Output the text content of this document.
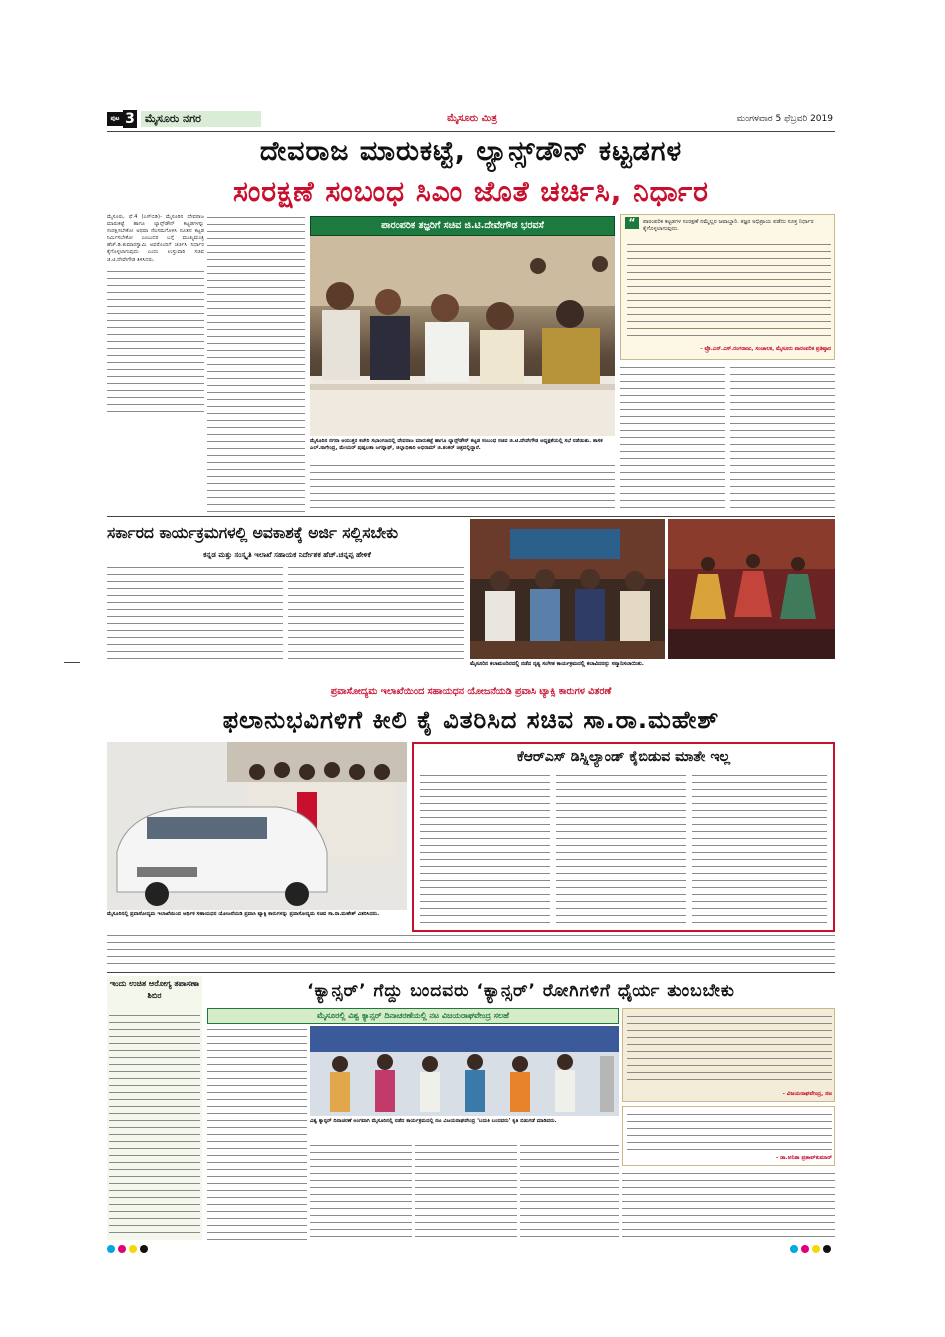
ಪುಟ 3 ಮೈಸೂರು ನಗರ	ಮೈಸೂರು ಮಿತ್ರ	ಮಂಗಳವಾರ 5 ಫೆಬ್ರವರಿ 2019
ದೇವರಾಜ ಮಾರುಕಟ್ಟೆ, ಲ್ಯಾನ್ಸ್‌ಡೌನ್ ಕಟ್ಟಡಗಳ
ಸಂರಕ್ಷಣೆ ಸಂಬಂಧ ಸಿಎಂ ಜೊತೆ ಚರ್ಚಿಸಿ, ನಿರ್ಧಾರ
ಮೈಸೂರು, ಫೆ.4 (ಎಸ್‌ಬಿಡಿ)- ಮೈಸೂರಿನ ದೇವರಾಜ ಮಾರುಕಟ್ಟೆ ಹಾಗೂ ಲ್ಯಾನ್ಸ್‌ಡೌನ್ ಕಟ್ಟಡಗಳನ್ನು ಸಂರಕ್ಷಿಸಬೇಕೋ ಅಥವಾ ನೆಲಸಮಗೊಳಿಸಿ ನೂತನ ಕಟ್ಟಡ ನಿರ್ಮಿಸಬೇಕೋ ಎಂಬುದರ ಬಗ್ಗೆ ಮುಖ್ಯಮಂತ್ರಿ ಹೆಚ್.ಡಿ.ಕುಮಾರಸ್ವಾಮಿ ಅವರೊಂದಿಗೆ ಚರ್ಚಿಸಿ ನಿರ್ಧಾರ ಕೈಗೊಳ್ಳಲಾಗುವುದು ಎಂದು ಉಸ್ತುವಾರಿ ಸಚಿವ ಜಿ.ಟಿ.ದೇವೇಗೌಡ ತಿಳಿಸಿದರು.
ಪಾರಂಪರಿಕ ತಜ್ಞರಿಗೆ ಸಚಿವ ಜಿ.ಟಿ.ದೇವೇಗೌಡ ಭರವಸೆ
ಮೈಸೂರಿನ ನಗರಾ ಆಯುಕ್ತರ ಕಚೇರಿ ಸಭಾಂಗಣದಲ್ಲಿ ದೇವರಾಜ ಮಾರುಕಟ್ಟೆ ಹಾಗೂ ಲ್ಯಾನ್ಸ್‌ಡೌನ್ ಕಟ್ಟಡ ಸಂಬಂಧ ಸಚಿವ ಜಿ.ಟಿ.ದೇವೇಗೌಡ ಅಧ್ಯಕ್ಷತೆಯಲ್ಲಿ ಸಭೆ ನಡೆಯಿತು. ಶಾಸಕ ಎಲ್.ನಾಗೇಂದ್ರ, ಮೇಯರ್ ಪುಷ್ಪಲತಾ ಜಗನ್ನಾಥ್, ಜಿಲ್ಲಾಧಿಕಾರಿ ಅಭಿರಾಮ್ ಜಿ.ಶಂಕರ್ ಚಿತ್ರದಲ್ಲಿದ್ದಾರೆ.
“	ಪಾರಂಪರಿಕ ಕಟ್ಟಡಗಳ ಸಂರಕ್ಷಣೆ ನಮ್ಮೆಲ್ಲರ ಜವಾಬ್ದಾರಿ. ತಜ್ಞರ ಅಭಿಪ್ರಾಯ ಪಡೆದು ಸೂಕ್ತ ನಿರ್ಧಾರ ಕೈಗೊಳ್ಳಲಾಗುವುದು.
- ಪ್ರೊ.ಎನ್.ಎಸ್.ರಂಗರಾಜು, ಸಂಚಾಲಕ, ಮೈಸೂರು ಪಾರಂಪರಿಕ ಪ್ರತಿಷ್ಠಾನ
ಸರ್ಕಾರದ ಕಾರ್ಯಕ್ರಮಗಳಲ್ಲಿ ಅವಕಾಶಕ್ಕೆ ಅರ್ಜಿ ಸಲ್ಲಿಸಬೇಕು
ಕನ್ನಡ ಮತ್ತು ಸಂಸ್ಕೃತಿ ಇಲಾಖೆ ಸಹಾಯಕ ನಿರ್ದೇಶಕ ಹೆಚ್.ಚನ್ನಪ್ಪ ಹೇಳಿಕೆ
ಮೈಸೂರಿನ ಕಲಾಮಂದಿರದಲ್ಲಿ ನಡೆದ ನೃತ್ಯ ಸಂಗೀತ ಕಾರ್ಯಕ್ರಮದಲ್ಲಿ ಕಲಾವಿದರನ್ನು ಸನ್ಮಾನಿಸಲಾಯಿತು.
ಪ್ರವಾಸೋದ್ಯಮ ಇಲಾಖೆಯಿಂದ ಸಹಾಯಧನ ಯೋಜನೆಯಡಿ ಪ್ರವಾಸಿ ಟ್ಯಾಕ್ಸಿ ಕಾರುಗಳ ವಿತರಣೆ
ಫಲಾನುಭವಿಗಳಿಗೆ ಕೀಲಿ ಕೈ ವಿತರಿಸಿದ ಸಚಿವ ಸಾ.ರಾ.ಮಹೇಶ್
ಮೈಸೂರಿನಲ್ಲಿ ಪ್ರವಾಸೋದ್ಯಮ ಇಲಾಖೆಯಿಂದ ಆರ್ಥಿಕ ಸಹಾಯಧನ ಯೋಜನೆಯಡಿ ಪ್ರವಾಸಿ ಟ್ಯಾಕ್ಸಿ ಕಾರುಗಳನ್ನು ಪ್ರವಾಸೋದ್ಯಮ ಸಚಿವ ಸಾ.ರಾ.ಮಹೇಶ್ ವಿತರಿಸಿದರು.
ಕೆಆರ್‌ಎಸ್ ಡಿಸ್ನಿಲ್ಯಾಂಡ್ ಕೈಬಿಡುವ ಮಾತೇ ಇಲ್ಲ
ಇಂದು ಉಚಿತ ಆರೋಗ್ಯ ತಪಾಸಣಾ ಶಿಬಿರ	‘ಕ್ಯಾನ್ಸರ್’ ಗೆದ್ದು ಬಂದವರು ‘ಕ್ಯಾನ್ಸರ್’ ರೋಗಿಗಳಿಗೆ ಧೈರ್ಯ ತುಂಬಬೇಕು
ಮೈಸೂರಲ್ಲಿ ವಿಶ್ವ ಕ್ಯಾನ್ಸರ್ ದಿನಾಚರಣೆಯಲ್ಲಿ ನಟ ವಿಜಯರಾಘವೇಂದ್ರ ಸಲಹೆ
ವಿಶ್ವ ಕ್ಯಾನ್ಸರ್ ದಿನಾಚರಣೆ ಅಂಗವಾಗಿ ಮೈಸೂರಿನಲ್ಲಿ ನಡೆದ ಕಾರ್ಯಕ್ರಮದಲ್ಲಿ ನಟ ವಿಜಯರಾಘವೇಂದ್ರ ‘ಬದುಕಿ ಬಂದವರು’ ಕೃತಿ ಬಿಡುಗಡೆ ಮಾಡಿದರು.
- ವಿಜಯರಾಘವೇಂದ್ರ, ನಟ
- ಡಾ.ಅನಿತಾ ಪ್ರತಾಪ್‌ಕುಮಾರ್
